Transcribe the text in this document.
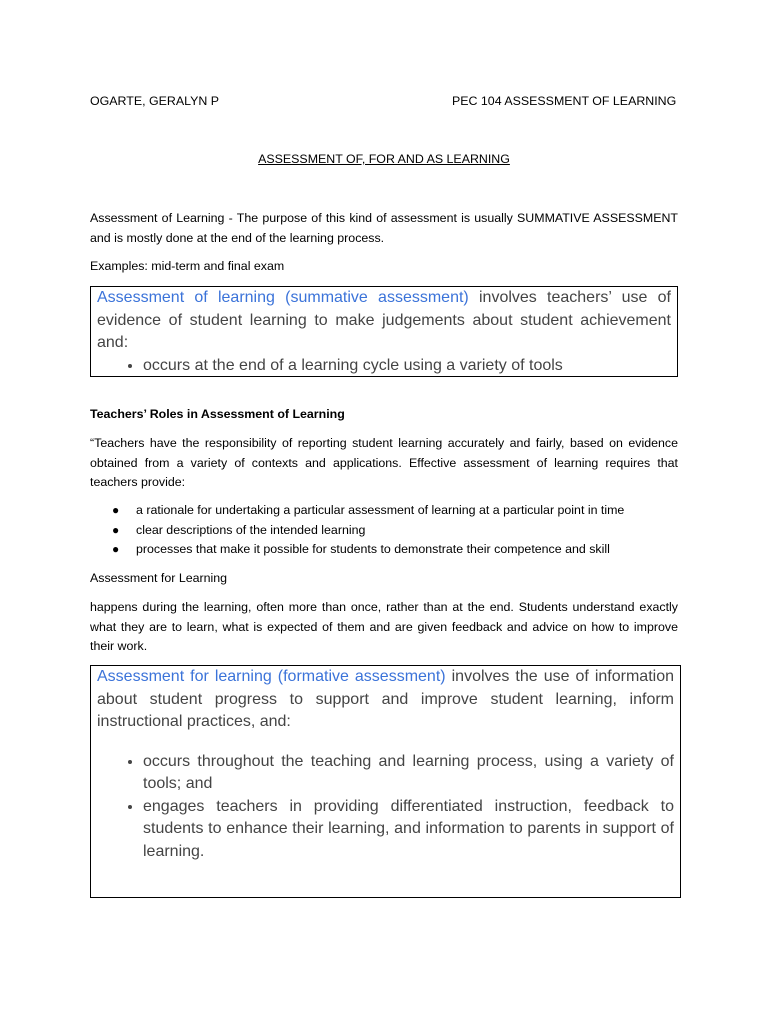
OGARTE, GERALYN P	PEC 104 ASSESSMENT OF LEARNING
ASSESSMENT OF, FOR AND AS LEARNING

Assessment of Learning - The purpose of this kind of assessment is usually SUMMATIVE ASSESSMENT and is mostly done at the end of the learning process.

Examples: mid-term and final exam

Assessment of learning (summative assessment) involves teachers’ use of evidence of student learning to make judgements about student achievement and:

• occurs at the end of a learning cycle using a variety of tools
Teachers’ Roles in Assessment of Learning

“Teachers have the responsibility of reporting student learning accurately and fairly, based on evidence obtained from a variety of contexts and applications. Effective assessment of learning requires that teachers provide:

● a rationale for undertaking a particular assessment of learning at a particular point in time
● clear descriptions of the intended learning
● processes that make it possible for students to demonstrate their competence and skill
Assessment for Learning

happens during the learning, often more than once, rather than at the end. Students understand exactly what they are to learn, what is expected of them and are given feedback and advice on how to improve their work.

Assessment for learning (formative assessment) involves the use of information about student progress to support and improve student learning, inform instructional practices, and:

• occurs throughout the teaching and learning process, using a variety of tools; and
• engages teachers in providing differentiated instruction, feedback to students to enhance their learning, and information to parents in support of learning.
